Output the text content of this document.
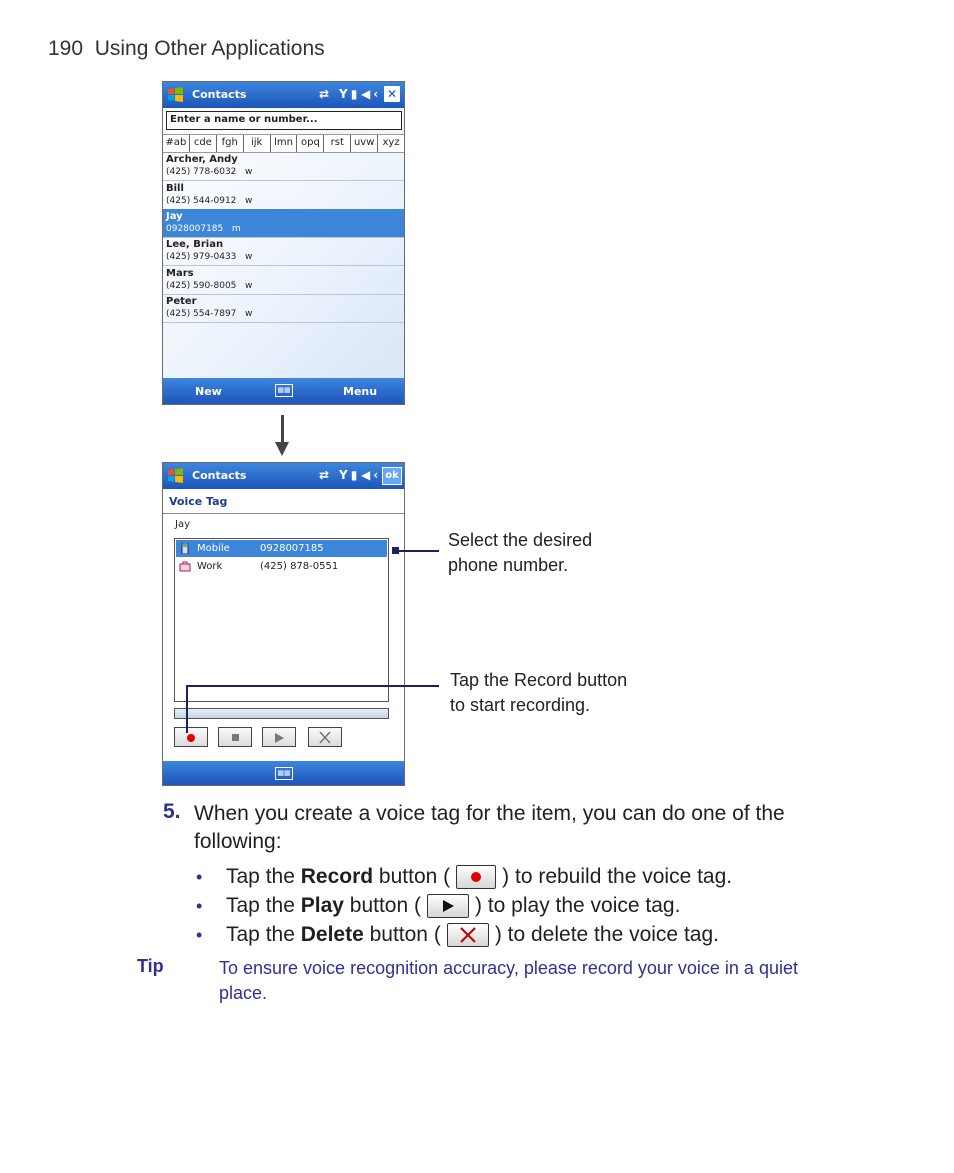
190  Using Other Applications
Contacts	⇄ Y▮ ◀‹ ✕
Enter a name or number...
#ab cde fgh	ijk	lmn opq	rst	uvw xyz
Archer, Andy
(425) 778-6032   w
Bill
(425) 544-0912   w
Jay
0928007185   m
Lee, Brian
(425) 979-0433   w
Mars
(425) 590-8005   w
Peter
(425) 554-7897   w
New	▦▦	Menu
Contacts	⇄ Y▮ ◀‹ ok
Voice Tag
Jay
Mobile	0928007185
Work	(425) 878-0551
▦▦
Select the desired
phone number.
Tap the Record button
to start recording.
5. When you create a voice tag for the item, you can do one of the following:
•	Tap the Record button ( ) to rebuild the voice tag.
•	Tap the Play button (	) to play the voice tag.
•	Tap the Delete button (	) to delete the voice tag.
Tip	To ensure voice recognition accuracy, please record your voice in a quiet place.
